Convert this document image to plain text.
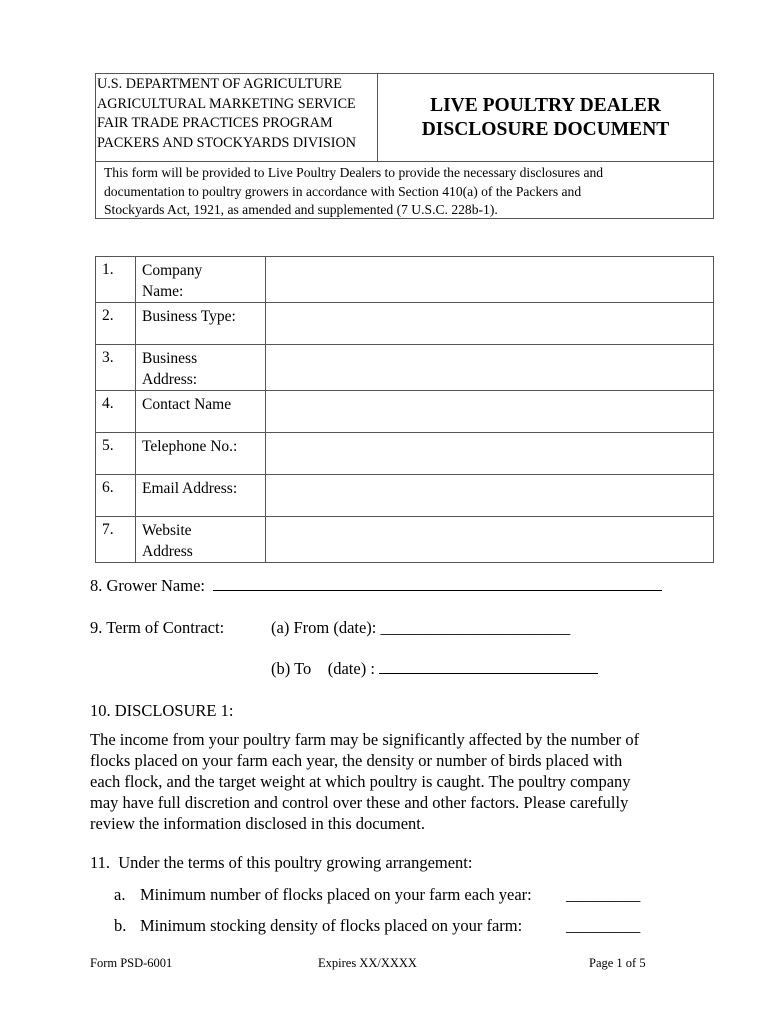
U.S. DEPARTMENT OF AGRICULTURE
AGRICULTURAL MARKETING SERVICE
FAIR TRADE PRACTICES PROGRAM
PACKERS AND STOCKYARDS DIVISION
LIVE POULTRY DEALER
DISCLOSURE DOCUMENT
This form will be provided to Live Poultry Dealers to provide the necessary disclosures and
documentation to poultry growers in accordance with Section 410(a) of the Packers and
Stockyards Act, 1921, as amended and supplemented (7 U.S.C. 228b-1).
1.	Company
Name:	

2.	Business Type:	

3.	Business
Address:	

4.	Contact Name	

5.	Telephone No.:	

6.	Email Address:	

7.	Website
Address	

8. Grower Name:
9. Term of Contract:	(a) From (date): _______________________
(b) To    (date) :
10. DISCLOSURE 1:
The income from your poultry farm may be significantly affected by the number of
flocks placed on your farm each year, the density or number of birds placed with
each flock, and the target weight at which poultry is caught. The poultry company
may have full discretion and control over these and other factors. Please carefully
review the information disclosed in this document.
11.  Under the terms of this poultry growing arrangement:
a. Minimum number of flocks placed on your farm each year: _________
b. Minimum stocking density of flocks placed on your farm:	_________
Form PSD-6001	Expires XX/XXXX	Page 1 of 5
